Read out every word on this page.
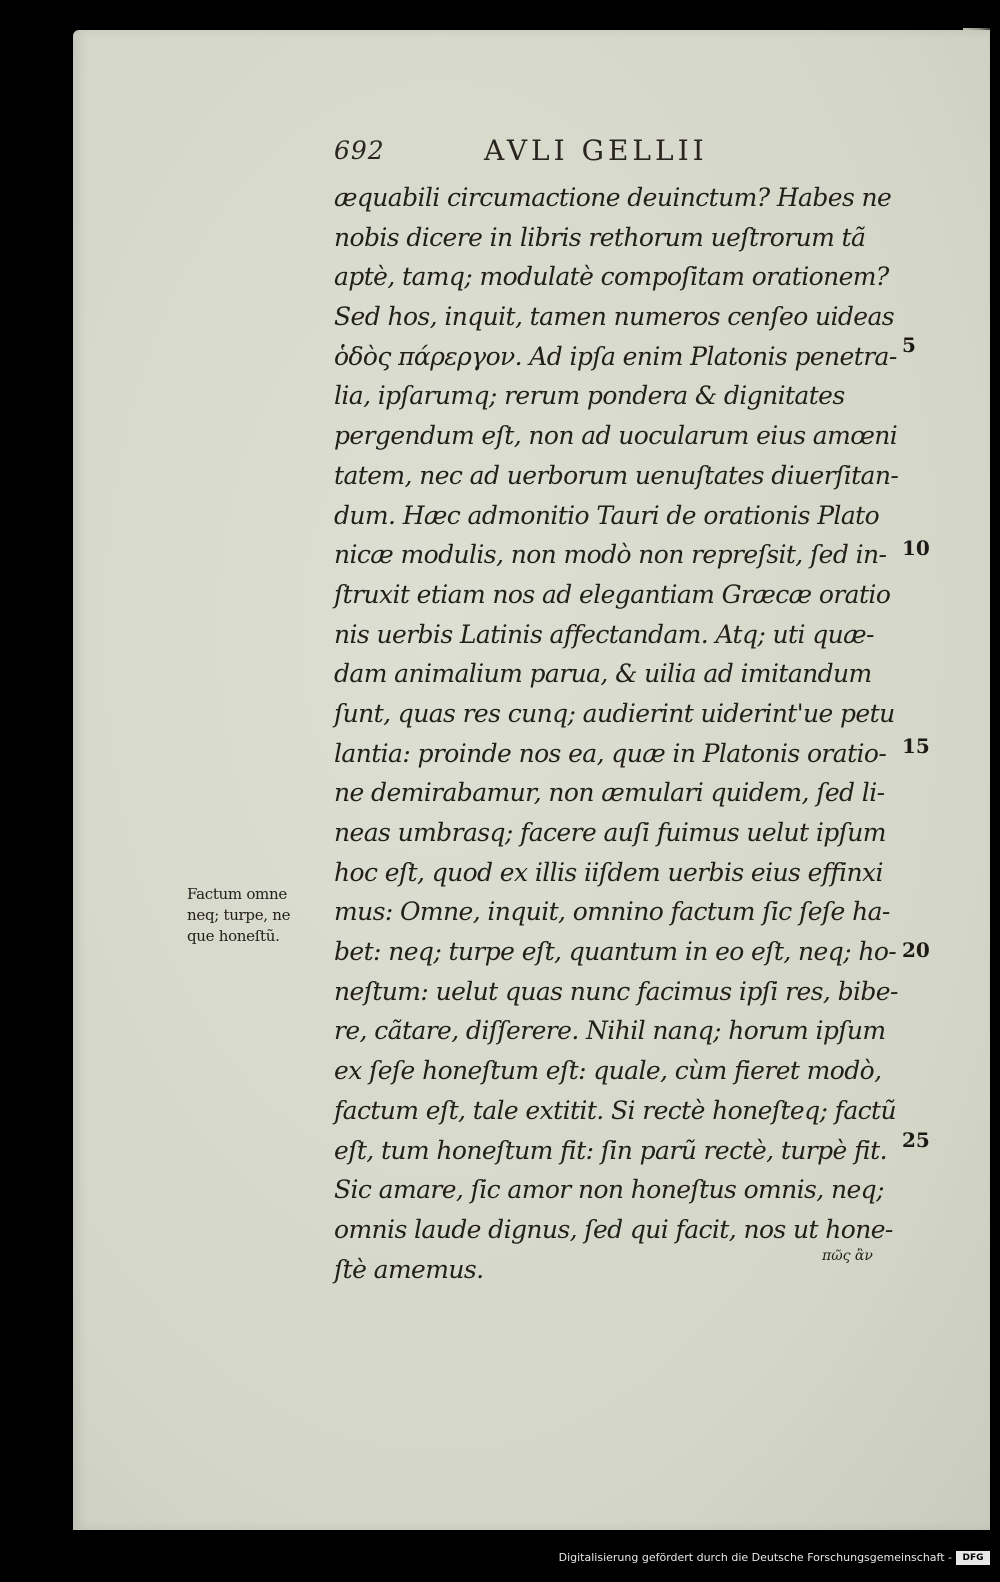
692	AVLI GELLII
æquabili circumactione deuinctum? Habes ne
nobis dicere in libris rethorum ueſtrorum tã
aptè, tamq; modulatè compoſitam orationem?
Sed hos, inquit, tamen numeros cenſeo uideas
ὁδὸς πάρεργον. Ad ipſa enim Platonis penetra-
lia, ipſarumq; rerum pondera & dignitates
pergendum eſt, non ad uocularum eius amœni
tatem, nec ad uerborum uenuſtates diuerſitan-
dum. Hæc admonitio Tauri de orationis Plato
nicæ modulis, non modò non repreſsit, ſed in-
ſtruxit etiam nos ad elegantiam Græcæ oratio
nis uerbis Latinis affectandam. Atq; uti quæ-
dam animalium parua, & uilia ad imitandum
ſunt, quas res cunq; audierint uiderint'ue petu
lantia: proinde nos ea, quæ in Platonis oratio-
ne demirabamur, non æmulari quidem, ſed li-
neas umbrasq; facere auſi fuimus uelut ipſum
hoc eſt, quod ex illis iiſdem uerbis eius effinxi
mus: Omne, inquit, omnino factum ſic ſeſe ha-
bet: neq; turpe eſt, quantum in eo eſt, neq; ho-
neſtum: uelut quas nunc facimus ipſi res, bibe-
re, cãtare, diſſerere. Nihil nanq; horum ipſum
ex ſeſe honeſtum eſt: quale, cùm fieret modò,
factum eſt, tale extitit. Si rectè honeſteq; factũ
eſt, tum honeſtum fit: ſin parũ rectè, turpè fit.
Sic amare, ſic amor non honeſtus omnis, neq;
omnis laude dignus, ſed qui facit, nos ut hone-
ſtè amemus.
5
10
15
20
25
Factum omne
neq; turpe, ne
que honeſtũ.
πῶς ἂν
Digitalisierung gefördert durch die Deutsche Forschungsgemeinschaft -	DFG
